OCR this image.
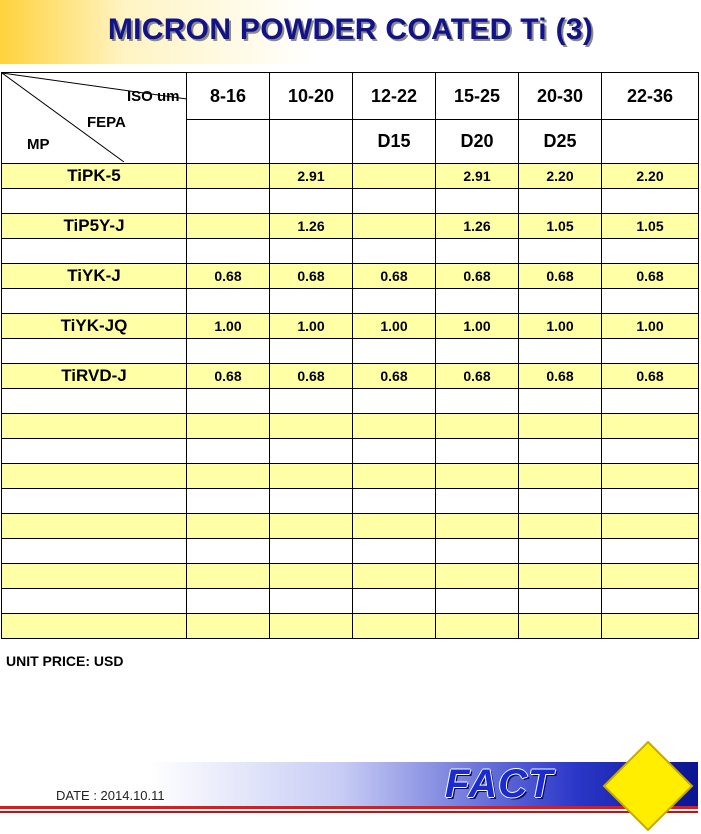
MICRON POWDER COATED Ti (3)
ISO um
FEPA
MP	8-16	10-20	12-22	15-25	20-30	22-36
			D15	D20	D25	
TiPK-5		2.91		2.91	2.20	2.20

TiP5Y-J		1.26		1.26	1.05	1.05

TiYK-J	0.68	0.68	0.68	0.68	0.68	0.68

TiYK-JQ	1.00	1.00	1.00	1.00	1.00	1.00

TiRVD-J	0.68	0.68	0.68	0.68	0.68	0.68

UNIT PRICE: USD
DATE : 2014.10.11	FACT
